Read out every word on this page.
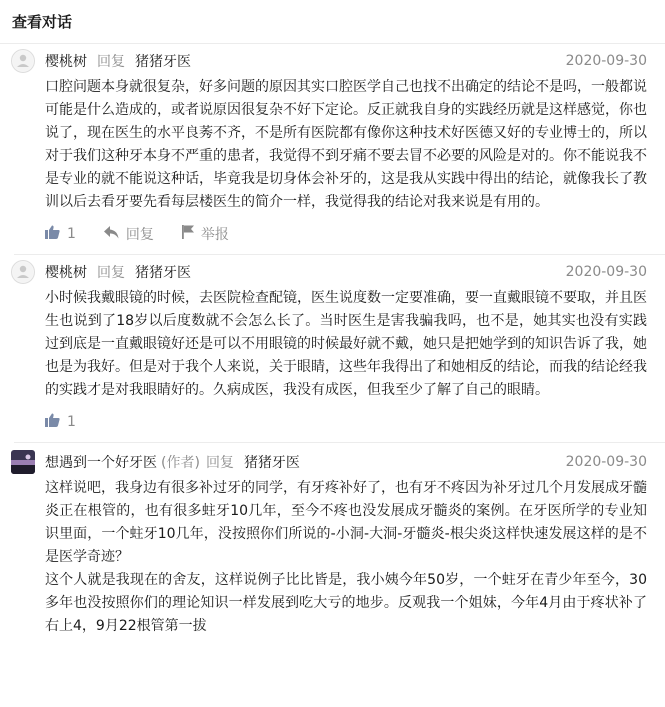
查看对话
樱桃树 回复 猪猪牙医	2020-09-30
口腔问题本身就很复杂，好多问题的原因其实口腔医学自己也找不出确定的结论不是吗，一般都说可能是什么造成的，或者说原因很复杂不好下定论。反正就我自身的实践经历就是这样感觉，你也说了，现在医生的水平良莠不齐，不是所有医院都有像你这种技术好医德又好的专业博士的，所以对于我们这种牙本身不严重的患者，我觉得不到牙痛不要去冒不必要的风险是对的。你不能说我不是专业的就不能说这种话，毕竟我是切身体会补牙的，这是我从实践中得出的结论，就像我长了教训以后去看牙要先看每层楼医生的简介一样，我觉得我的结论对我来说是有用的。
1	回复	举报
樱桃树 回复 猪猪牙医	2020-09-30
小时候我戴眼镜的时候，去医院检查配镜，医生说度数一定要准确，要一直戴眼镜不要取，并且医生也说到了18岁以后度数就不会怎么长了。当时医生是害我骗我吗，也不是，她其实也没有实践过到底是一直戴眼镜好还是可以不用眼镜的时候最好就不戴，她只是把她学到的知识告诉了我，她也是为我好。但是对于我个人来说，关于眼睛，这些年我得出了和她相反的结论，而我的结论经我的实践才是对我眼睛好的。久病成医，我没有成医，但我至少了解了自己的眼睛。
1
想遇到一个好牙医 (作者) 回复 猪猪牙医	2020-09-30
这样说吧，我身边有很多补过牙的同学，有牙疼补好了，也有牙不疼因为补牙过几个月发展成牙髓炎正在根管的，也有很多蛀牙10几年，至今不疼也没发展成牙髓炎的案例。在牙医所学的专业知识里面，一个蛀牙10几年，没按照你们所说的-小洞-大洞-牙髓炎-根尖炎这样快速发展这样的是不是医学奇迹？
这个人就是我现在的舍友，这样说例子比比皆是，我小姨今年50岁，一个蛀牙在青少年至今，30多年也没按照你们的理论知识一样发展到吃大亏的地步。反观我一个姐妹，今年4月由于疼状补了右上4，9月22根管第一拔
